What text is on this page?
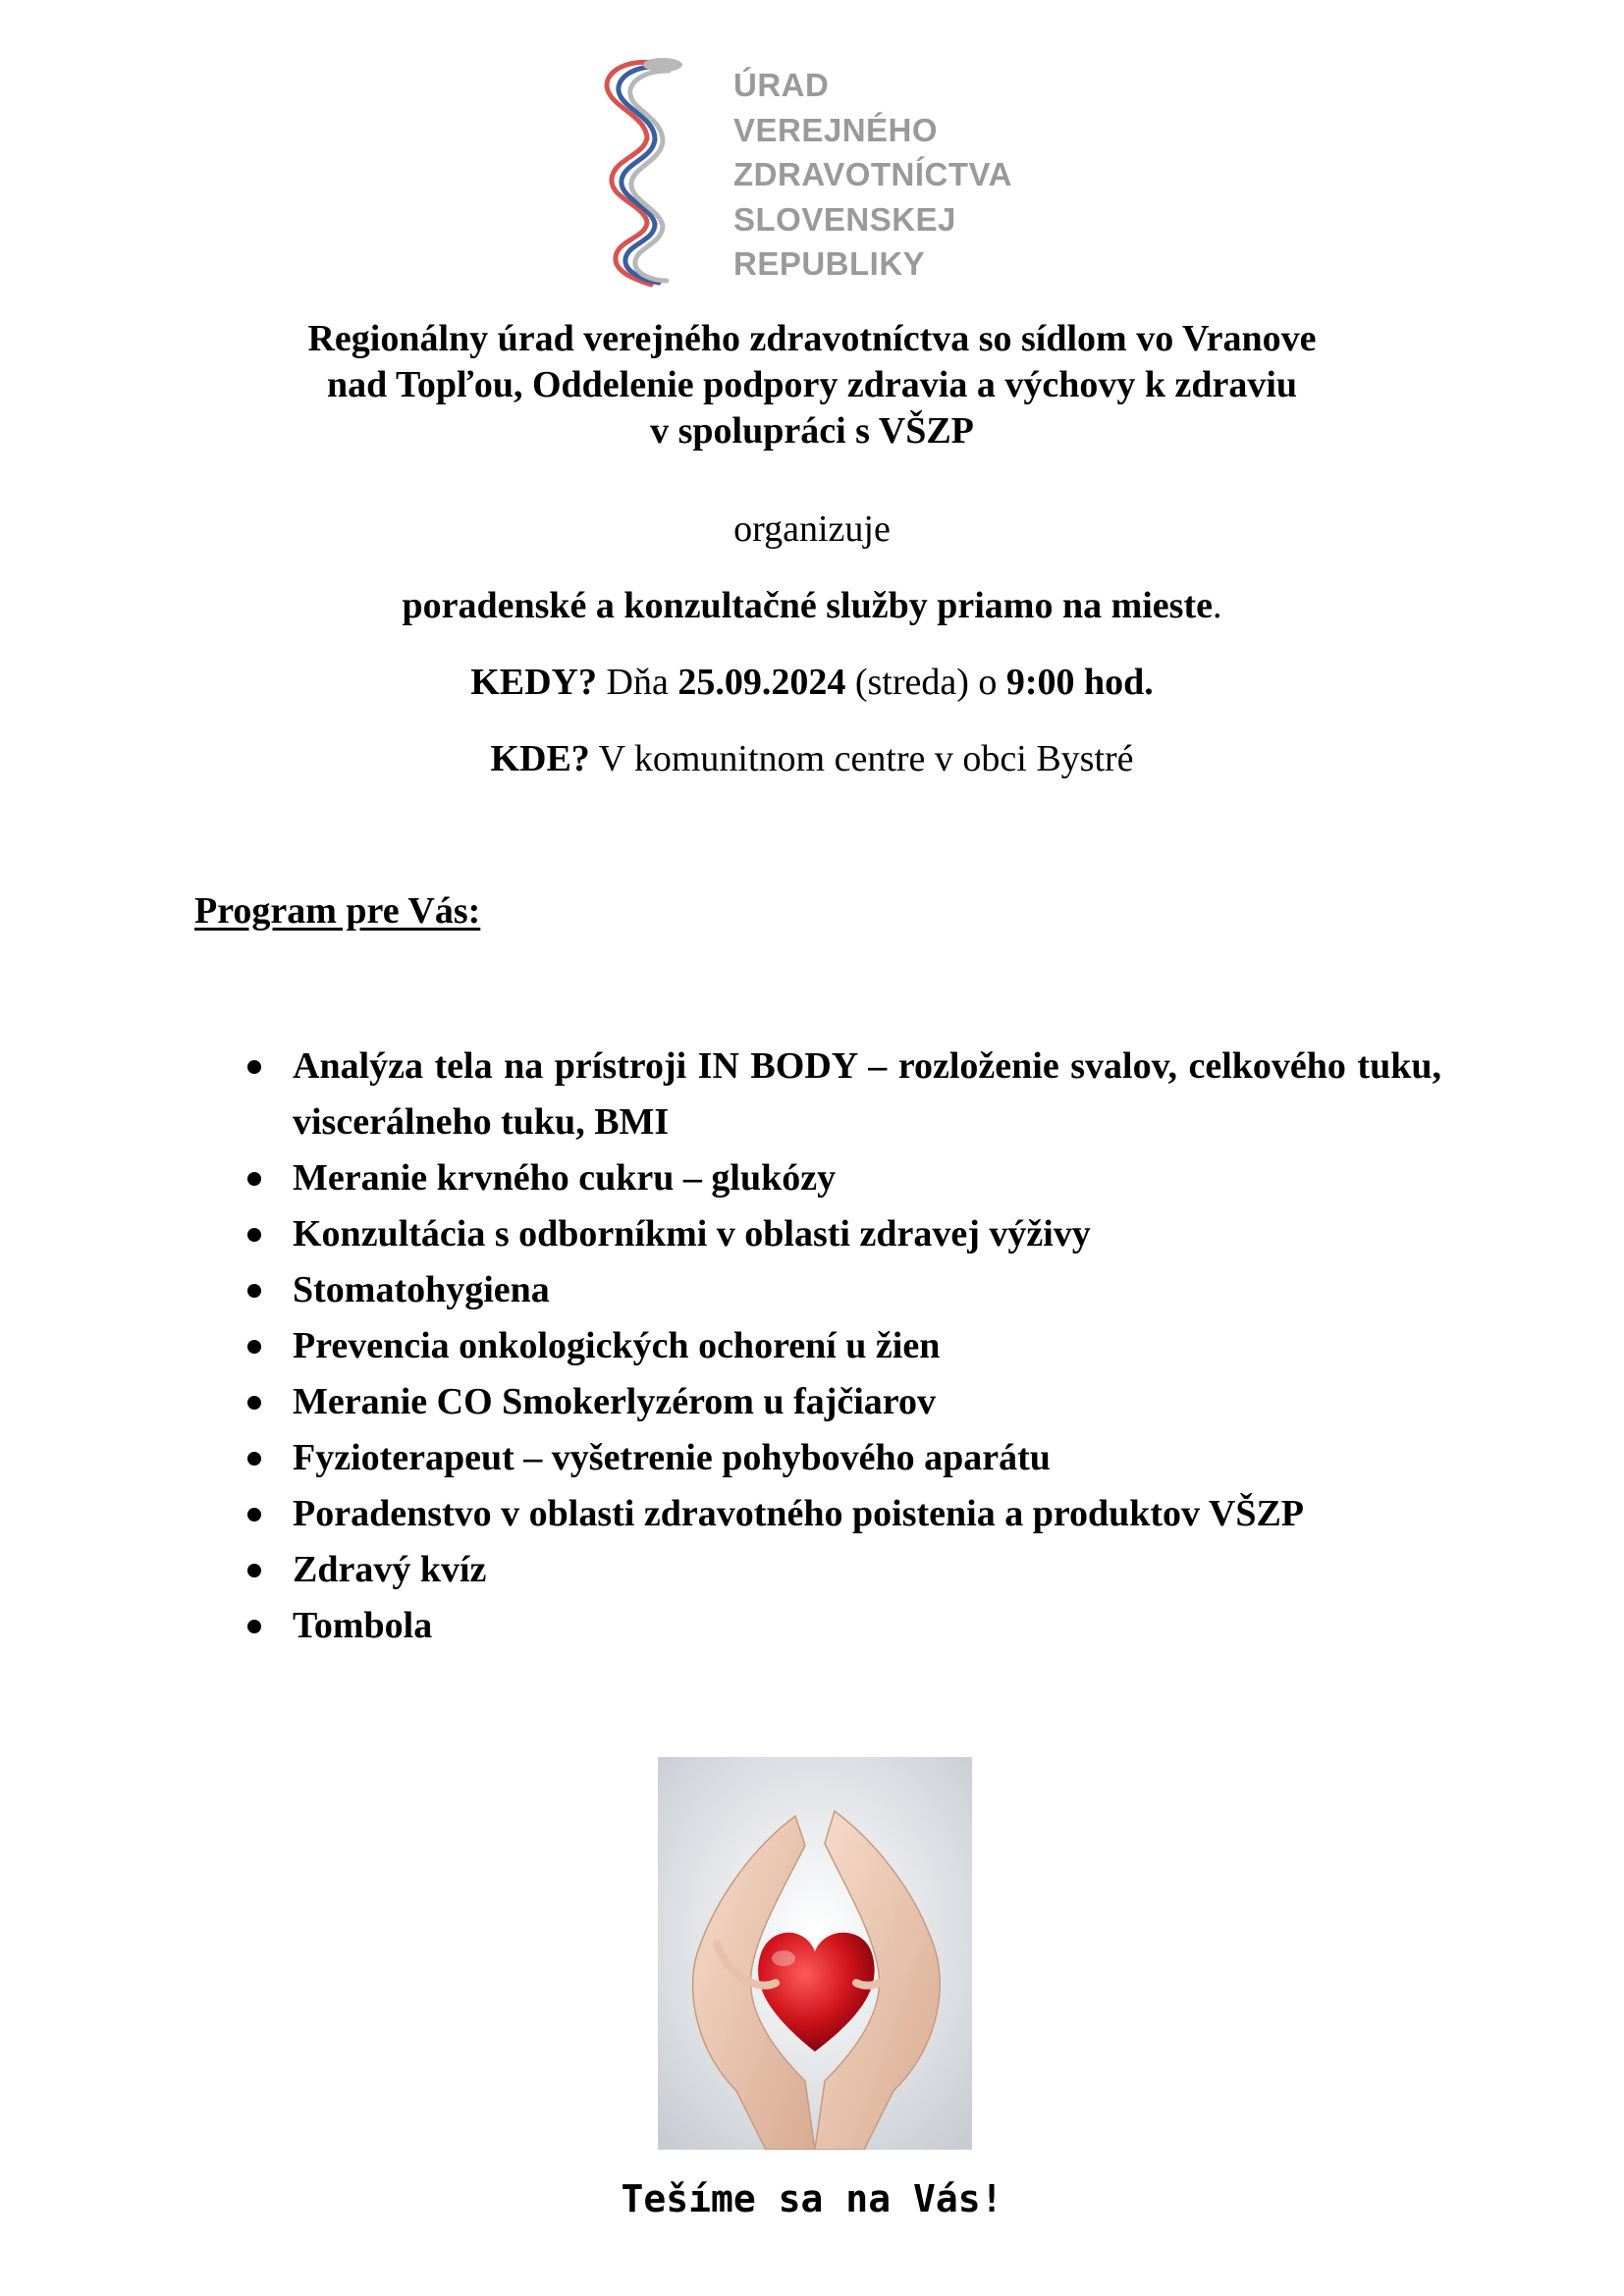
ÚRAD
VEREJNÉHO
ZDRAVOTNÍCTVA
SLOVENSKEJ
REPUBLIKY
Regionálny úrad verejného zdravotníctva so sídlom vo Vranove
nad Topľou, Oddelenie podpory zdravia a výchovy k zdraviu
v spolupráci s VŠZP
organizuje
poradenské a konzultačné služby priamo na mieste.
KEDY? Dňa 25.09.2024 (streda) o 9:00 hod.
KDE? V komunitnom centre v obci Bystré
Program pre Vás:
Analýza tela na prístroji IN BODY – rozloženie svalov, celkového tuku, viscerálneho tuku, BMI
Meranie krvného cukru – glukózy
Konzultácia s odborníkmi v oblasti zdravej výživy
Stomatohygiena
Prevencia onkologických ochorení u žien
Meranie CO Smokerlyzérom u fajčiarov
Fyzioterapeut – vyšetrenie pohybového aparátu
Poradenstvo v oblasti zdravotného poistenia a produktov VŠZP
Zdravý kvíz
Tombola
Tešíme sa na Vás!
